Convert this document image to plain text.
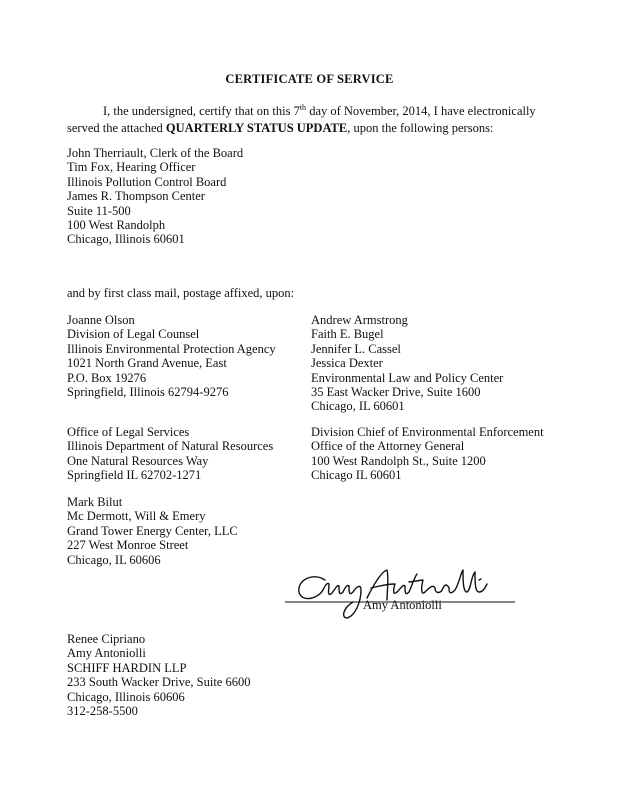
CERTIFICATE OF SERVICE
I, the undersigned, certify that on this 7th day of November, 2014, I have electronically
served the attached QUARTERLY STATUS UPDATE, upon the following persons:
John Therriault, Clerk of the Board
Tim Fox, Hearing Officer
Illinois Pollution Control Board
James R. Thompson Center
Suite 11-500
100 West Randolph
Chicago, Illinois 60601
and by first class mail, postage affixed, upon:
Joanne Olson
Division of Legal Counsel
Illinois Environmental Protection Agency
1021 North Grand Avenue, East
P.O. Box 19276
Springfield, Illinois 62794-9276
Office of Legal Services
Illinois Department of Natural Resources
One Natural Resources Way
Springfield IL 62702-1271
Mark Bilut
Mc Dermott, Will & Emery
Grand Tower Energy Center, LLC
227 West Monroe Street
Chicago, IL 60606
Andrew Armstrong
Faith E. Bugel
Jennifer L. Cassel
Jessica Dexter
Environmental Law and Policy Center
35 East Wacker Drive, Suite 1600
Chicago, IL 60601
Division Chief of Environmental Enforcement
Office of the Attorney General
100 West Randolph St., Suite 1200
Chicago IL 60601
Amy Antoniolli
Renee Cipriano
Amy Antoniolli
SCHIFF HARDIN LLP
233 South Wacker Drive, Suite 6600
Chicago, Illinois 60606
312-258-5500
